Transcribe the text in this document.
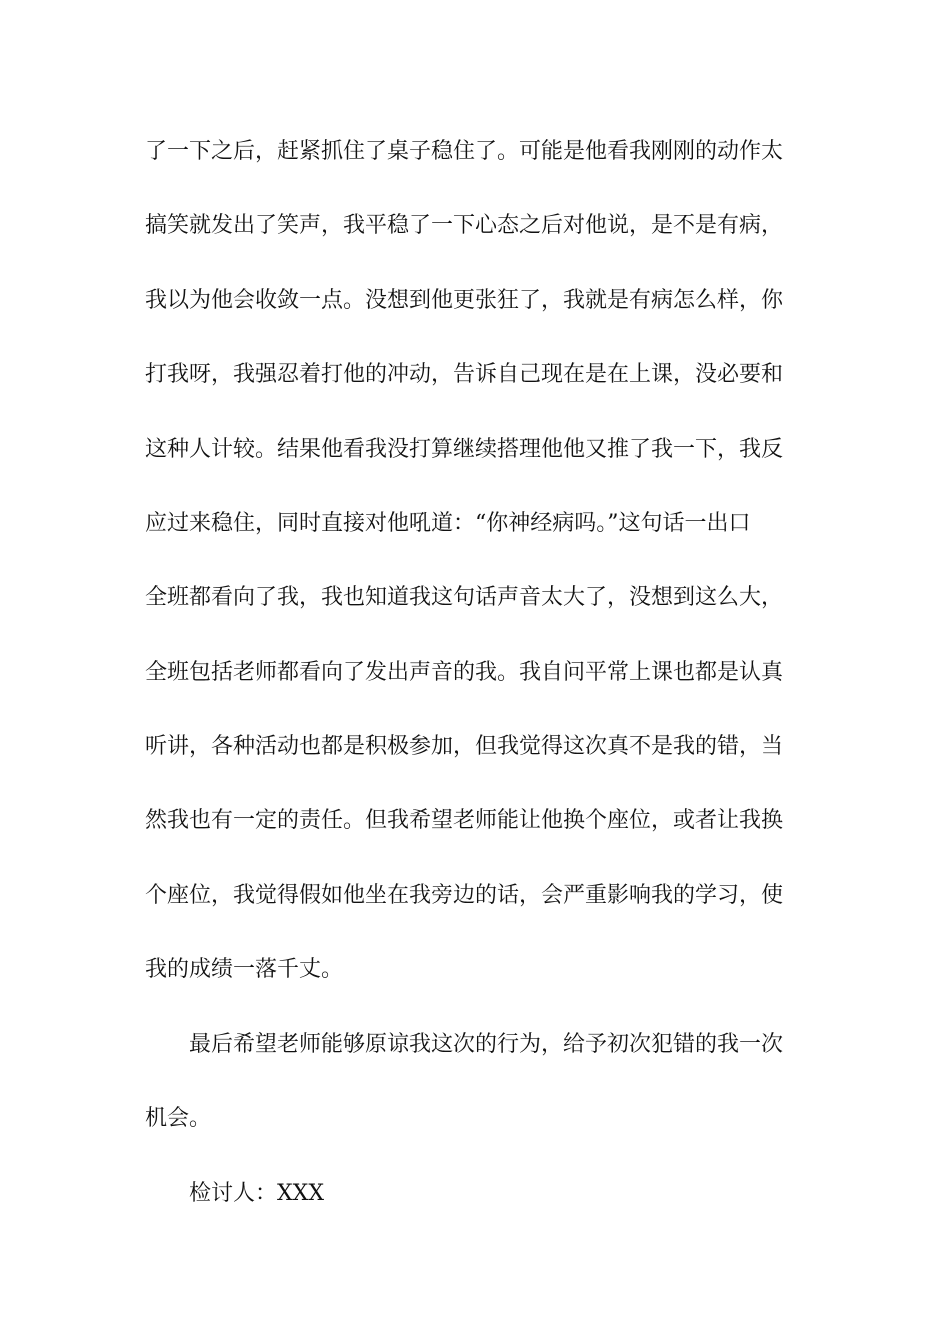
了一下之后，赶紧抓住了桌子稳住了。可能是他看我刚刚的动作太
搞笑就发出了笑声，我平稳了一下心态之后对他说，是不是有病，
我以为他会收敛一点。没想到他更张狂了，我就是有病怎么样，你
打我呀，我强忍着打他的冲动，告诉自己现在是在上课，没必要和
这种人计较。结果他看我没打算继续搭理他他又推了我一下，我反
应过来稳住，同时直接对他吼道：“你神经病吗。”这句话一出口
全班都看向了我，我也知道我这句话声音太大了，没想到这么大，
全班包括老师都看向了发出声音的我。我自问平常上课也都是认真
听讲，各种活动也都是积极参加，但我觉得这次真不是我的错，当
然我也有一定的责任。但我希望老师能让他换个座位，或者让我换
个座位，我觉得假如他坐在我旁边的话，会严重影响我的学习，使
我的成绩一落千丈。
最后希望老师能够原谅我这次的行为，给予初次犯错的我一次
机会。
检讨人：XXX
